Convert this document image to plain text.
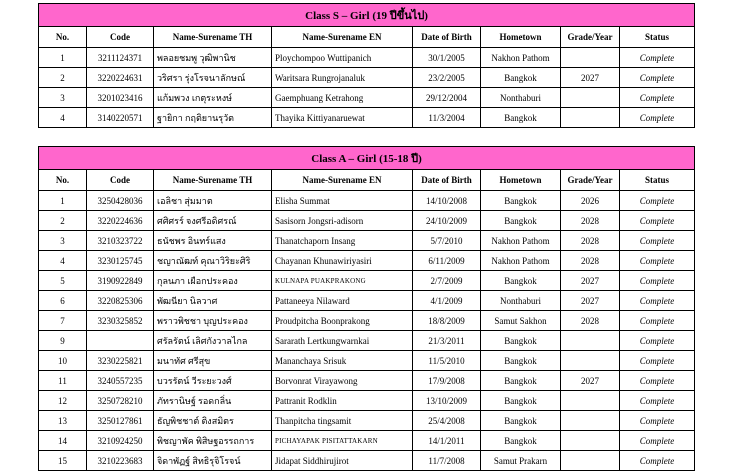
Class S – Girl (19 ปีขึ้นไป)							
No.	Code	Name-Surename TH	Name-Surename EN	Date of Birth	Hometown	Grade/Year	Status
1	3211124371	พลอยชมพู วุฒิพานิช	Ploychompoo Wuttipanich	30/1/2005	Nakhon Pathom		Complete
2	3220224631	วริศรา รุ่งโรจนาลักษณ์	Waritsara Rungrojanaluk	23/2/2005	Bangkok	2027	Complete
3	3201023416	แก้มพวง เกตุระหงษ์	Gaemphuang Ketrahong	29/12/2004	Nonthaburi		Complete
4	3140220571	ฐายิกา กฤติยานรุวัต	Thayika Kittiyanaruewat	11/3/2004	Bangkok		Complete
Class A – Girl (15-18 ปี)							
No.	Code	Name-Surename TH	Name-Surename EN	Date of Birth	Hometown	Grade/Year	Status
1	3250428036	เอลิชา สุ่มมาต	Elisha Summat	14/10/2008	Bangkok	2026	Complete
2	3220224636	ศศิศรร์ จงศรีอดิศรณ์	Sasisorn Jongsri-adisorn	24/10/2009	Bangkok	2028	Complete
3	3210323722	ธนัชพร อินทร์แสง	Thanatchaporn Insang	5/7/2010	Nakhon Pathom	2028	Complete
4	3230125745	ชญาณัฒท์ คุณาวิริยะศิริ	Chayanan Khunawiriyasiri	6/11/2009	Nakhon Pathom	2028	Complete
5	3190922849	กุลนภา เผือกประคอง	KULNAPA PUAKPRAKONG	2/7/2009	Bangkok	2027	Complete
6	3220825306	พัฒนียา นิลวาศ	Pattaneeya Nilaward	4/1/2009	Nonthaburi	2027	Complete
7	3230325852	พราวพิชชา บุญประคอง	Proudpitcha Boonprakong	18/8/2009	Samut Sakhon	2028	Complete
9		ศรัลรัตน์ เลิศกังวาลไกล	Sararath Lertkungwarnkai	21/3/2011	Bangkok		Complete
10	3230225821	มนาทัศ ศรีสุข	Mananchaya Srisuk	11/5/2010	Bangkok		Complete
11	3240557235	บวรรัตน์ วีระยะวงศ์	Borvonrat Virayawong	17/9/2008	Bangkok	2027	Complete
12	3250728210	ภัทรานิษฐ์ รอดกลิ่น	Pattranit Rodklin	13/10/2009	Bangkok		Complete
13	3250127861	ธัญพิชชาต์ ติงสมิตร	Thanpitcha tingsamit	25/4/2008	Bangkok		Complete
14	3210924250	พิชญาพัค พิสิษฐอรรถการ	PICHAYAPAK PISITATTAKARN	14/1/2011	Bangkok		Complete
15	3210223683	จิดาพัฏฐ์ สิทธิรุจิโรจน์	Jidapat Siddhirujirot	11/7/2008	Samut Prakarn		Complete
